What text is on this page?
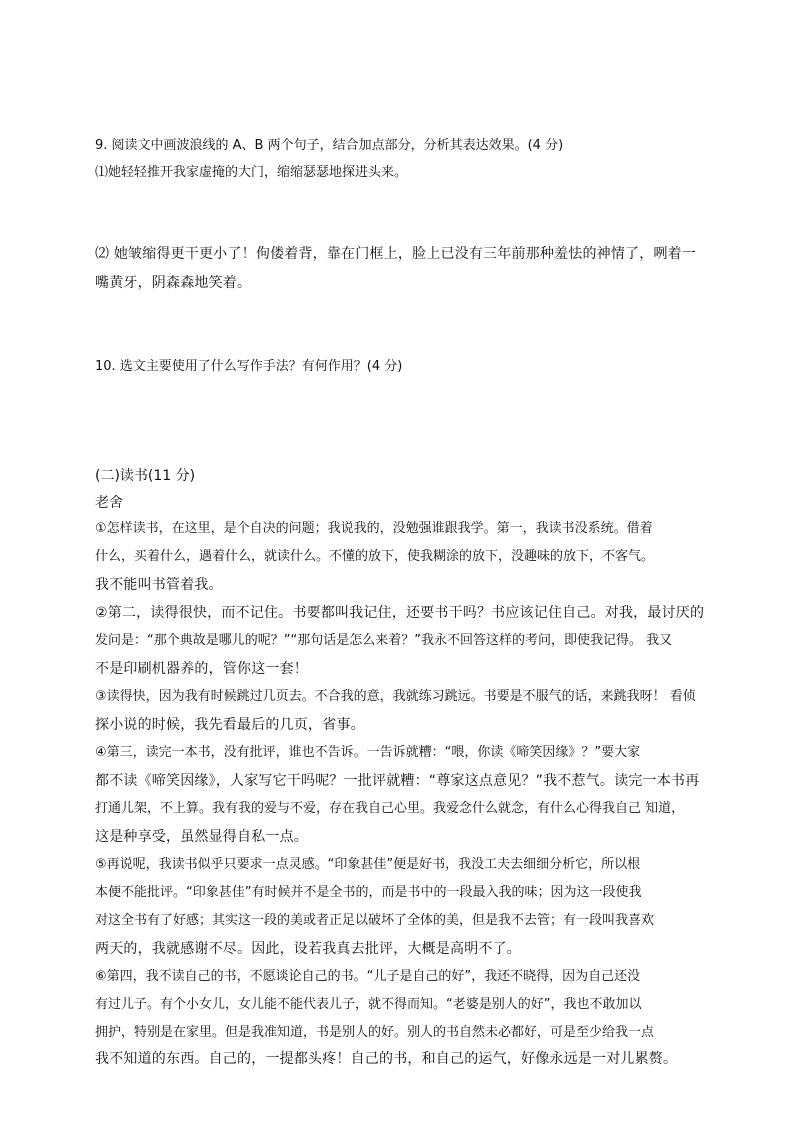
9. 阅读文中画波浪线的 A、B 两个句子，结合加点部分，分析其表达效果。(4 分)
⑴她轻轻推开我家虚掩的大门，缩缩瑟瑟地探进头来。
⑵ 她皱缩得更干更小了！佝偻着背，靠在门框上，脸上已没有三年前那种羞怯的神情了，咧着一
嘴黄牙，阴森森地笑着。
10. 选文主要使用了什么写作手法？有何作用？(4 分)
(二)读书(11 分)
老舍
①怎样读书，在这里，是个自决的问题；我说我的，没勉强谁跟我学。第一，我读书没系统。借着
什么，买着什么，遇着什么，就读什么。不懂的放下，使我糊涂的放下，没趣味的放下，不客气。
我不能叫书管着我。
②第二，读得很快，而不记住。书要都叫我记住，还要书干吗？书应该记住自己。对我，最讨厌的
发问是：“那个典故是哪儿的呢？”“那句话是怎么来着？”我永不回答这样的考问，即使我记得。 我又
不是印刷机器养的，管你这一套！
③读得快，因为我有时候跳过几页去。不合我的意，我就练习跳远。书要是不服气的话，来跳我呀！ 看侦
探小说的时候，我先看最后的几页，省事。
④第三，读完一本书，没有批评，谁也不告诉。一告诉就糟：“喂，你读《啼笑因缘》？”要大家
都不读《啼笑因缘》，人家写它干吗呢？一批评就糟：“尊家这点意见？”我不惹气。读完一本书再
打通儿架，不上算。我有我的爱与不爱，存在我自己心里。我爱念什么就念，有什么心得我自己 知道，
这是种享受，虽然显得自私一点。
⑤再说呢，我读书似乎只要求一点灵感。“印象甚佳”便是好书，我没工夫去细细分析它，所以根
本便不能批评。“印象甚佳”有时候并不是全书的，而是书中的一段最入我的味；因为这一段使我
对这全书有了好感；其实这一段的美或者正足以破坏了全体的美，但是我不去管；有一段叫我喜欢
两天的，我就感谢不尽。因此，设若我真去批评，大概是高明不了。
⑥第四，我不读自己的书，不愿谈论自己的书。“儿子是自己的好”，我还不晓得，因为自己还没
有过儿子。有个小女儿，女儿能不能代表儿子，就不得而知。“老婆是别人的好”，我也不敢加以
拥护，特别是在家里。但是我准知道，书是别人的好。别人的书自然未必都好，可是至少给我一点
我不知道的东西。自己的，一提都头疼！自己的书，和自己的运气，好像永远是一对儿累赘。
